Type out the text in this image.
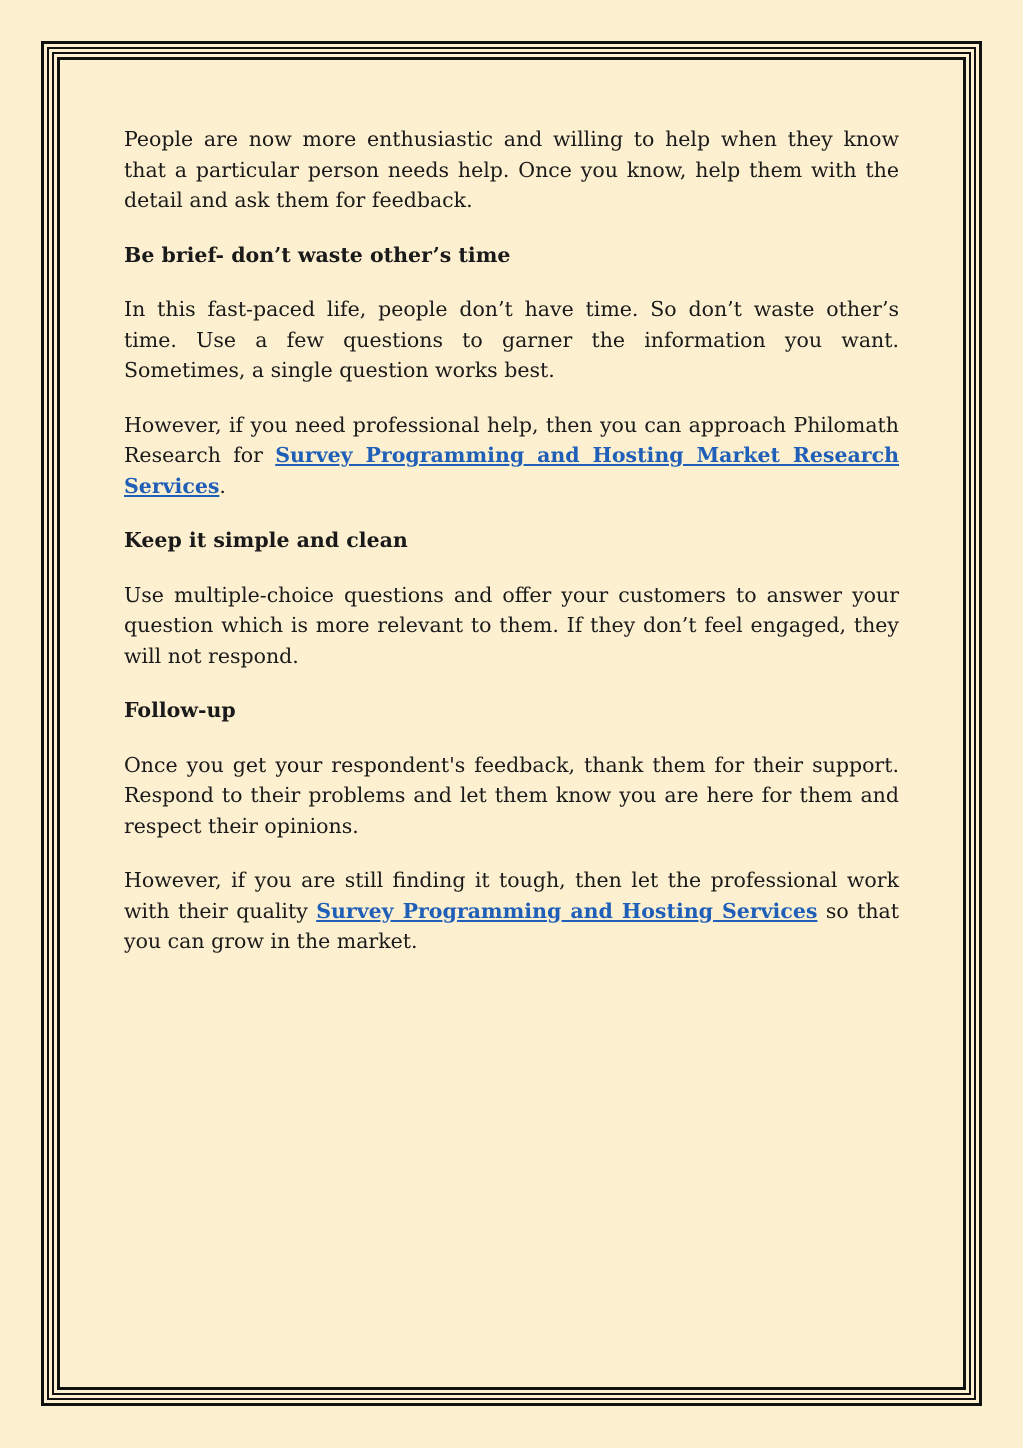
People are now more enthusiastic and willing to help when they know that a particular person needs help. Once you know, help them with the detail and ask them for feedback.

Be brief- don’t waste other’s time

In this fast-paced life, people don’t have time. So don’t waste other’s time. Use a few questions to garner the information you want. Sometimes, a single question works best.

However, if you need professional help, then you can approach Philomath Research for Survey Programming and Hosting Market Research Services.

Keep it simple and clean

Use multiple-choice questions and offer your customers to answer your question which is more relevant to them. If they don’t feel engaged, they will not respond.

Follow-up

Once you get your respondent's feedback, thank them for their support. Respond to their problems and let them know you are here for them and respect their opinions.

However, if you are still finding it tough, then let the professional work with their quality Survey Programming and Hosting Services so that you can grow in the market.
